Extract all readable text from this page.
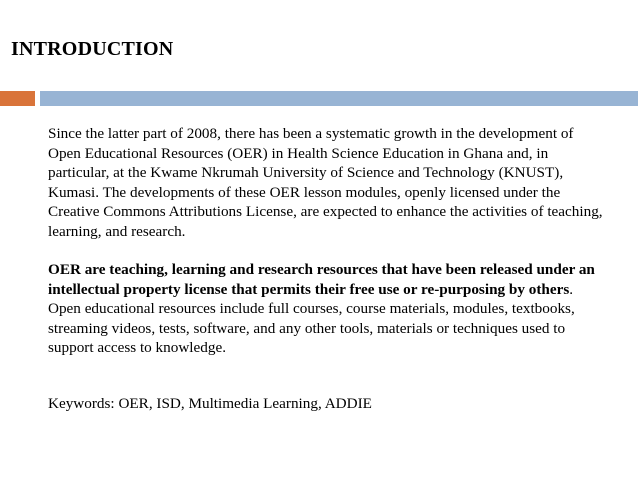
INTRODUCTION

Since the latter part of 2008, there has been a systematic growth in the development of Open Educational Resources (OER) in Health Science Education in Ghana and, in particular, at the Kwame Nkrumah University of Science and Technology (KNUST), Kumasi. The developments of these OER lesson modules, openly licensed under the Creative Commons Attributions License, are expected to enhance the activities of teaching, learning, and research.

OER are teaching, learning and research resources that have been released under an intellectual property license that permits their free use or re-purposing by others. Open educational resources include full courses, course materials, modules, textbooks, streaming videos, tests, software, and any other tools, materials or techniques used to support access to knowledge.

Keywords: OER, ISD, Multimedia Learning, ADDIE
